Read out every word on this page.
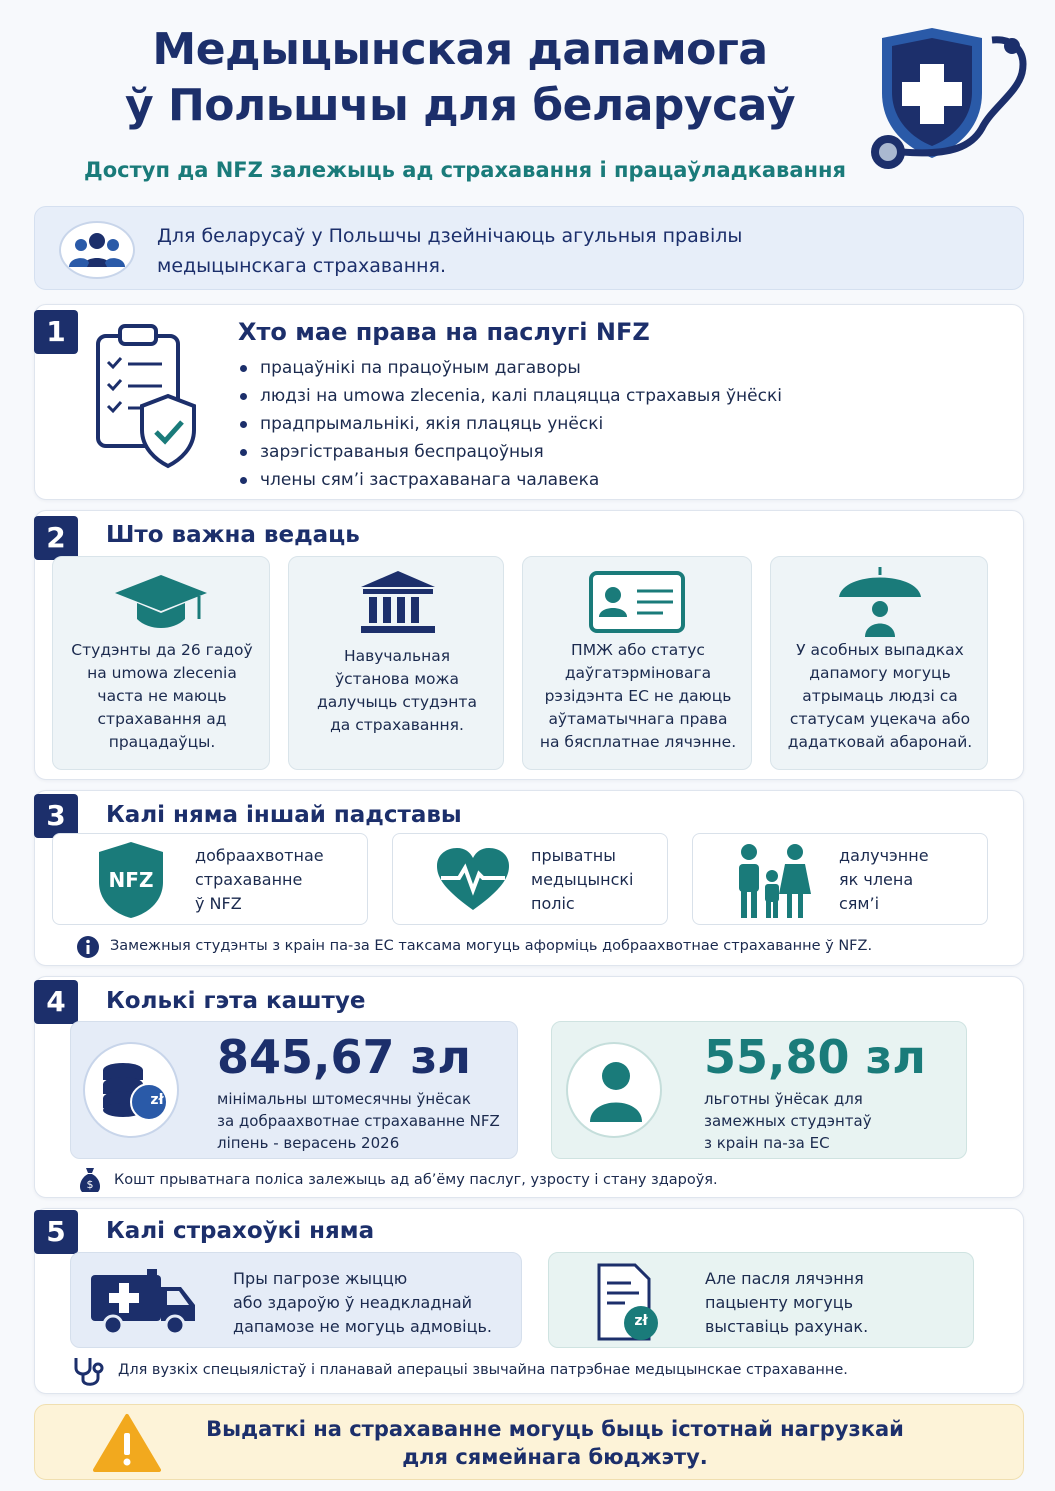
Медыцынская дапамога
ў Польшчы для беларусаў
Доступ да NFZ залежыць ад страхавання і працаўладкавання
Для беларусаў у Польшчы дзейнічаюць агульныя правілы
медыцынскага страхавання.
1	Хто мае права на паслугі NFZ
працаўнікі па працоўным дагаворы
людзі на umowa zlecenia, калі плацяцца страхавыя ўнёскі
прадпрымальнікі, якія плацяць унёскі
зарэгістраваныя беспрацоўныя
члены сям’і застрахаванага чалавека
2	Што важна ведаць
Студэнты да 26 гадоў
на umowa zlecenia
часта не маюць
страхавання ад
працадаўцы.
Навучальная
ўстанова можа
далучыць студэнта
да страхавання.
ПМЖ або статус
даўгатэрміновага
рэзідэнта ЕС не даюць
аўтаматычнага права
на бясплатнае лячэнне.
У асобных выпадках
дапамогу могуць
атрымаць людзі са
статусам уцекача або
дадатковай абаронай.
3	Калі няма іншай падставы
NFZ
добраахвотнае
страхаванне
ў NFZ
прыватны
медыцынскі
поліс
далучэнне
як члена
сям’і
Замежныя студэнты з краін па-за ЕС таксама могуць аформіць добраахвотнае страхаванне ў NFZ.
4	Колькі гэта каштуе
zł
845,67 зл
мінімальны штомесячны ўнёсак
за добраахвотнае страхаванне NFZ
ліпень - верасень 2026
55,80 зл
льготны ўнёсак для
замежных студэнтаў
з краін па-за ЕС
$ Кошт прыватнага поліса залежыць ад аб’ёму паслуг, узросту і стану здароўя.
5	Калі страхоўкі няма
Пры пагрозе жыццю
або здароўю ў неадкладнай
дапамозе не могуць адмовіць.	zł
Але пасля лячэння
пацыенту могуць
выставіць рахунак.
Для вузкіх спецыялістаў і планавай аперацыі звычайна патрэбнае медыцынскае страхаванне.
Выдаткі на страхаванне могуць быць істотнай нагрузкай
для сямейнага бюджэту.
